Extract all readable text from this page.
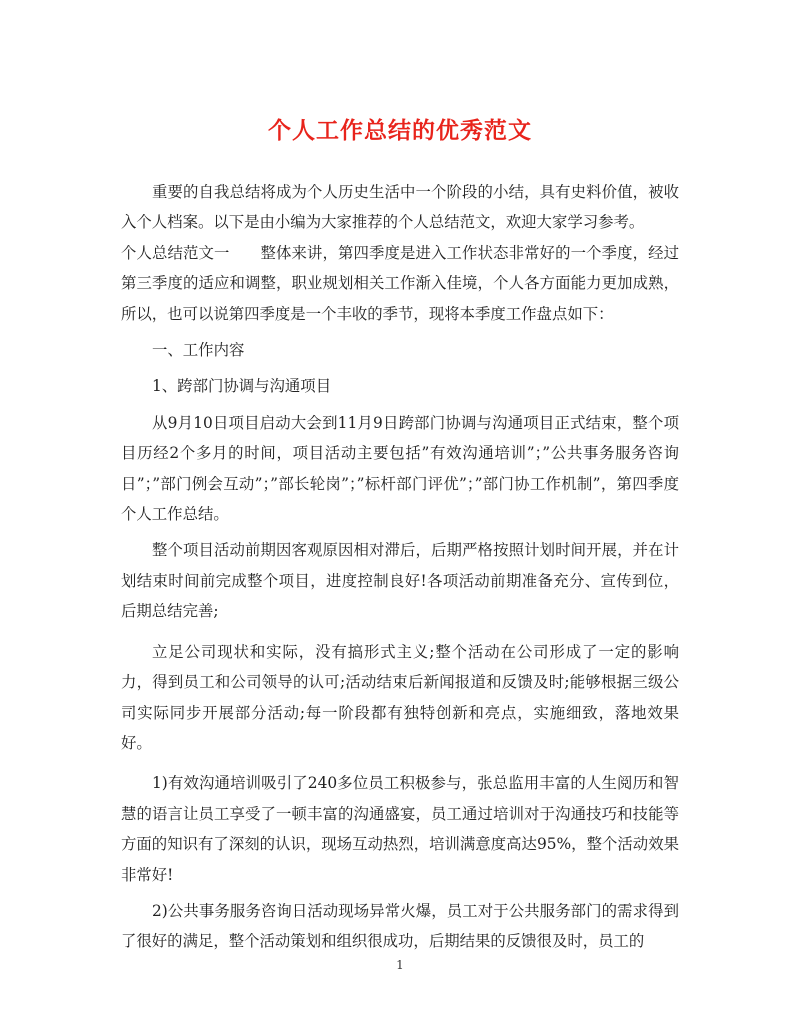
个人工作总结的优秀范文

重要的自我总结将成为个人历史生活中一个阶段的小结，具有史料价值，被收入个人档案。以下是由小编为大家推荐的个人总结范文，欢迎大家学习参考。

个人总结范文一　　整体来讲，第四季度是进入工作状态非常好的一个季度，经过第三季度的适应和调整，职业规划相关工作渐入佳境，个人各方面能力更加成熟，所以，也可以说第四季度是一个丰收的季节，现将本季度工作盘点如下：

一、工作内容

1、跨部门协调与沟通项目

从9月10日项目启动大会到11月9日跨部门协调与沟通项目正式结束，整个项目历经2个多月的时间，项目活动主要包括”有效沟通培训”；”公共事务服务咨询日”；”部门例会互动”；”部长轮岗”；”标杆部门评优”；”部门协工作机制”，第四季度个人工作总结。

整个项目活动前期因客观原因相对滞后，后期严格按照计划时间开展，并在计划结束时间前完成整个项目，进度控制良好!各项活动前期准备充分、宣传到位，后期总结完善;

立足公司现状和实际，没有搞形式主义;整个活动在公司形成了一定的影响力，得到员工和公司领导的认可;活动结束后新闻报道和反馈及时;能够根据三级公司实际同步开展部分活动;每一阶段都有独特创新和亮点，实施细致，落地效果好。

1)有效沟通培训吸引了240多位员工积极参与，张总监用丰富的人生阅历和智慧的语言让员工享受了一顿丰富的沟通盛宴，员工通过培训对于沟通技巧和技能等方面的知识有了深刻的认识，现场互动热烈，培训满意度高达95%，整个活动效果非常好!

2)公共事务服务咨询日活动现场异常火爆，员工对于公共服务部门的需求得到了很好的满足，整个活动策划和组织很成功，后期结果的反馈很及时，员工的

1
